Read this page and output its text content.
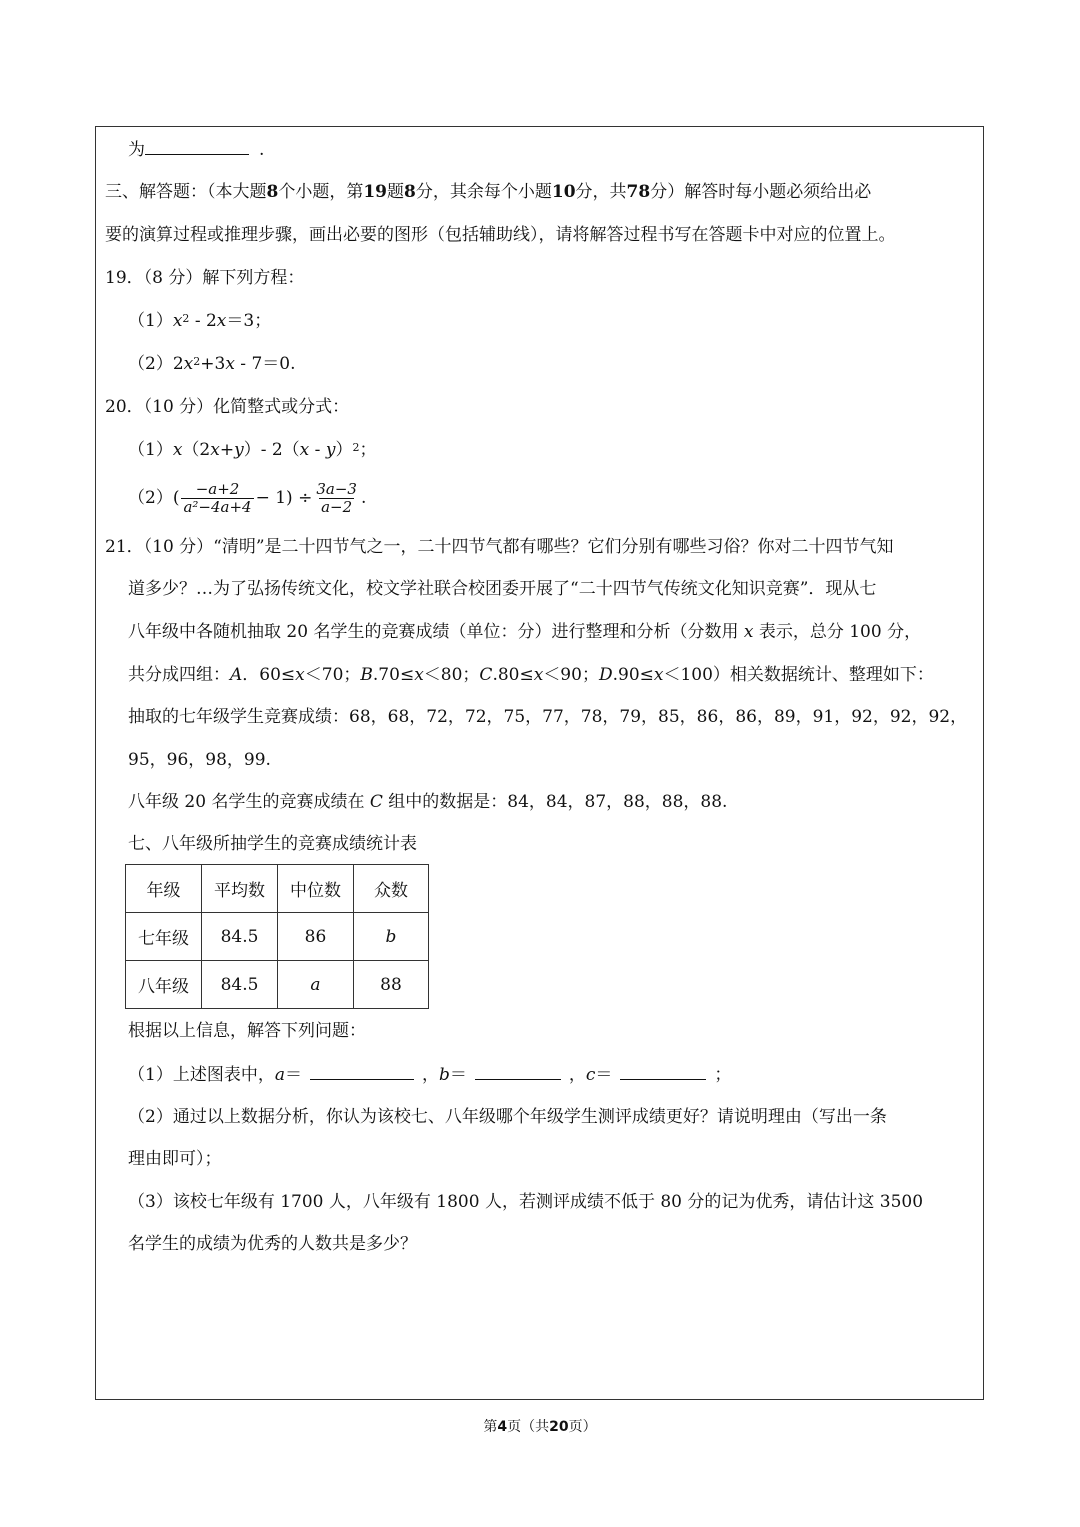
为	.
三、解答题：（本大题8个小题，第19题8分，其余每个小题10分，共78分）解答时每小题必须给出必
要的演算过程或推理步骤，画出必要的图形（包括辅助线），请将解答过程书写在答题卡中对应的位置上。
19．（8 分）解下列方程：
$(1)x^2 - 2x=3$；
$(2)2x^2+3x - 7=0$.
20．（10 分）化简整式或分式：
（1）x（2x+y）- 2（x - y）$^2$；
$(2)( \frac{-a+2}{\text{a²−4a+4}} - 1) \div \frac{3a-3}{a-2}$ .
21．（10 分）“清明”是二十四节气之一，二十四节气都有哪些？它们分别有哪些习俗？你对二十四节气知
道多少？…为了弘扬传统文化，校文学社联合校团委开展了“二十四节气传统文化知识竞赛”．现从七
八年级中各随机抽取 20 名学生的竞赛成绩（单位：分）进行整理和分析（分数用 x 表示，总分 100 分，
共分成四组：A．60≤x＜70；B.70≤x＜80；C.80≤x＜90；D.90≤x＜100）相关数据统计、整理如下：
抽取的七年级学生竞赛成绩：68，68，72，72，75，77，78，79，85，86，86，89，91，92，92，92，
95，96，98，99.
八年级 20 名学生的竞赛成绩在 C 组中的数据是：84，84，87，88，88，88.
七、八年级所抽学生的竞赛成绩统计表
年级	平均数	中位数	众数
七年级	84.5	86	b
八年级	84.5	a	88
根据以上信息，解答下列问题：
（1）上述图表中，a＝	，b＝	，c＝	；
（2）通过以上数据分析，你认为该校七、八年级哪个年级学生测评成绩更好？请说明理由（写出一条
理由即可）；
（3）该校七年级有 1700 人，八年级有 1800 人，若测评成绩不低于 80 分的记为优秀，请估计这 3500
名学生的成绩为优秀的人数共是多少？
第4页（共20页）
